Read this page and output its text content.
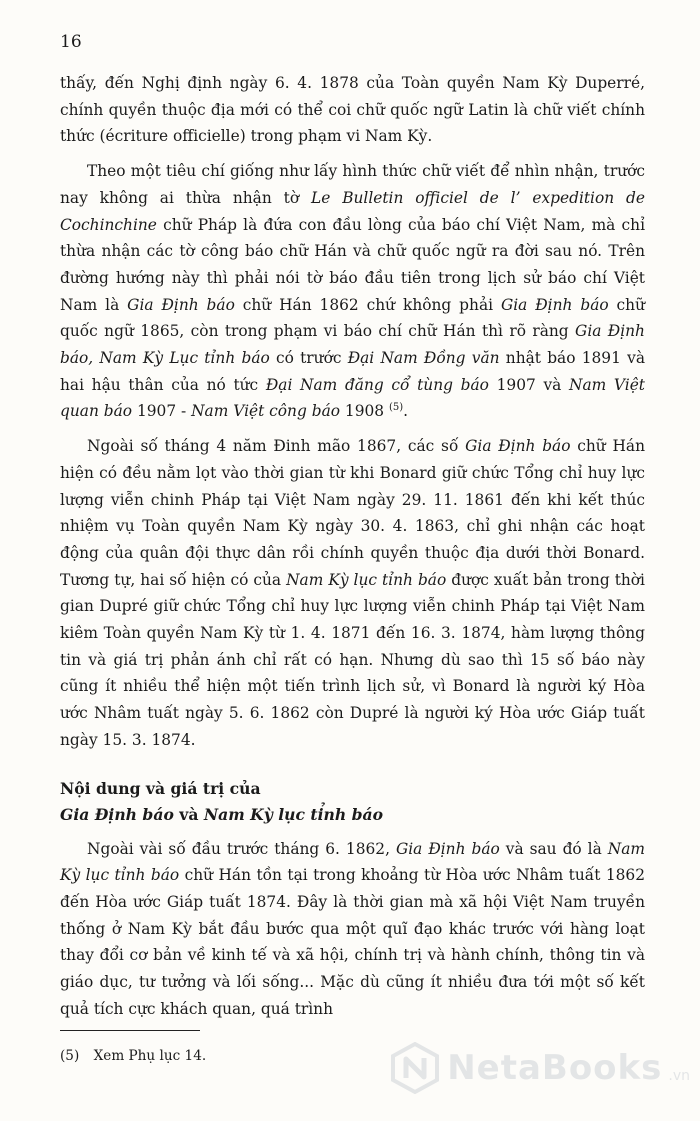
16

thấy, đến Nghị định ngày 6. 4. 1878 của Toàn quyền Nam Kỳ Duperré, chính quyền thuộc địa mới có thể coi chữ quốc ngữ Latin là chữ viết chính thức (écriture officielle) trong phạm vi Nam Kỳ.

Theo một tiêu chí giống như lấy hình thức chữ viết để nhìn nhận, trước nay không ai thừa nhận tờ Le Bulletin officiel de l’ expedition de Cochinchine chữ Pháp là đứa con đầu lòng của báo chí Việt Nam, mà chỉ thừa nhận các tờ công báo chữ Hán và chữ quốc ngữ ra đời sau nó. Trên đường hướng này thì phải nói tờ báo đầu tiên trong lịch sử báo chí Việt Nam là Gia Định báo chữ Hán 1862 chứ không phải Gia Định báo chữ quốc ngữ 1865, còn trong phạm vi báo chí chữ Hán thì rõ ràng Gia Định báo, Nam Kỳ Lục tỉnh báo có trước Đại Nam Đồng văn nhật báo 1891 và hai hậu thân của nó tức Đại Nam đăng cổ tùng báo 1907 và Nam Việt quan báo 1907 - Nam Việt công báo 1908 $^{(5)}$.

Ngoài số tháng 4 năm Đinh mão 1867, các số Gia Định báo chữ Hán hiện có đều nằm lọt vào thời gian từ khi Bonard giữ chức Tổng chỉ huy lực lượng viễn chinh Pháp tại Việt Nam ngày 29. 11. 1861 đến khi kết thúc nhiệm vụ Toàn quyền Nam Kỳ ngày 30. 4. 1863, chỉ ghi nhận các hoạt động của quân đội thực dân rồi chính quyền thuộc địa dưới thời Bonard. Tương tự, hai số hiện có của Nam Kỳ lục tỉnh báo được xuất bản trong thời gian Dupré giữ chức Tổng chỉ huy lực lượng viễn chinh Pháp tại Việt Nam kiêm Toàn quyền Nam Kỳ từ 1. 4. 1871 đến 16. 3. 1874, hàm lượng thông tin và giá trị phản ánh chỉ rất có hạn. Nhưng dù sao thì 15 số báo này cũng ít nhiều thể hiện một tiến trình lịch sử, vì Bonard là người ký Hòa ước Nhâm tuất ngày 5. 6. 1862 còn Dupré là người ký Hòa ước Giáp tuất ngày 15. 3. 1874.

Nội dung và giá trị của
Gia Định báo và Nam Kỳ lục tỉnh báo

Ngoài vài số đầu trước tháng 6. 1862, Gia Định báo và sau đó là Nam Kỳ lục tỉnh báo chữ Hán tồn tại trong khoảng từ Hòa ước Nhâm tuất 1862 đến Hòa ước Giáp tuất 1874. Đây là thời gian mà xã hội Việt Nam truyền thống ở Nam Kỳ bắt đầu bước qua một quĩ đạo khác trước với hàng loạt thay đổi cơ bản về kinh tế và xã hội, chính trị và hành chính, thông tin và giáo dục, tư tưởng và lối sống... Mặc dù cũng ít nhiều đưa tới một số kết quả tích cực khách quan, quá trình

(5) Xem Phụ lục 14.	NetaBooks .vn
